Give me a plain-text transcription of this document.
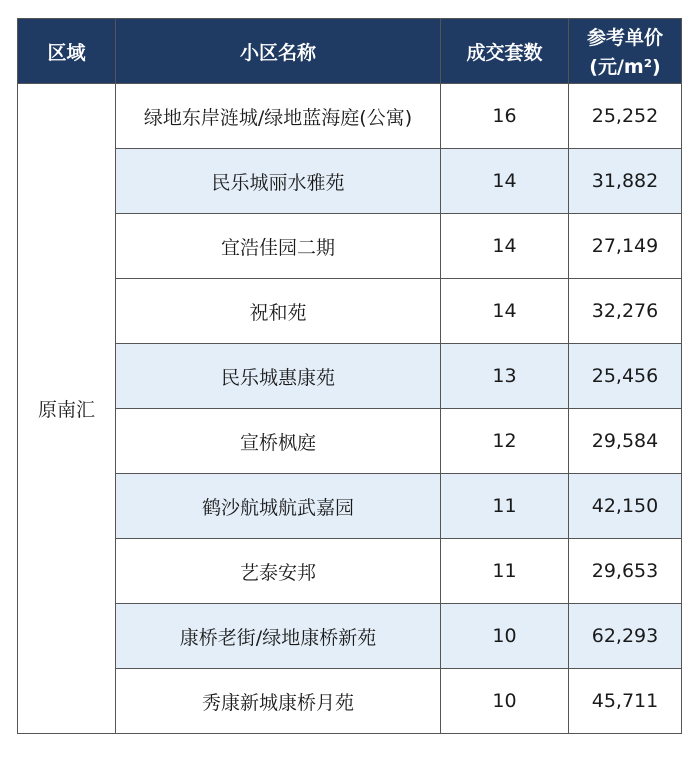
区域	小区名称	成交套数	参考单价
(元/m²)

原南汇	绿地东岸涟城/绿地蓝海庭(公寓)	16	25,252
	民乐城丽水雅苑	14	31,882
	宜浩佳园二期	14	27,149
	祝和苑	14	32,276
	民乐城惠康苑	13	25,456
	宣桥枫庭	12	29,584
	鹤沙航城航武嘉园	11	42,150
	艺泰安邦	11	29,653
	康桥老街/绿地康桥新苑	10	62,293
	秀康新城康桥月苑	10	45,711
